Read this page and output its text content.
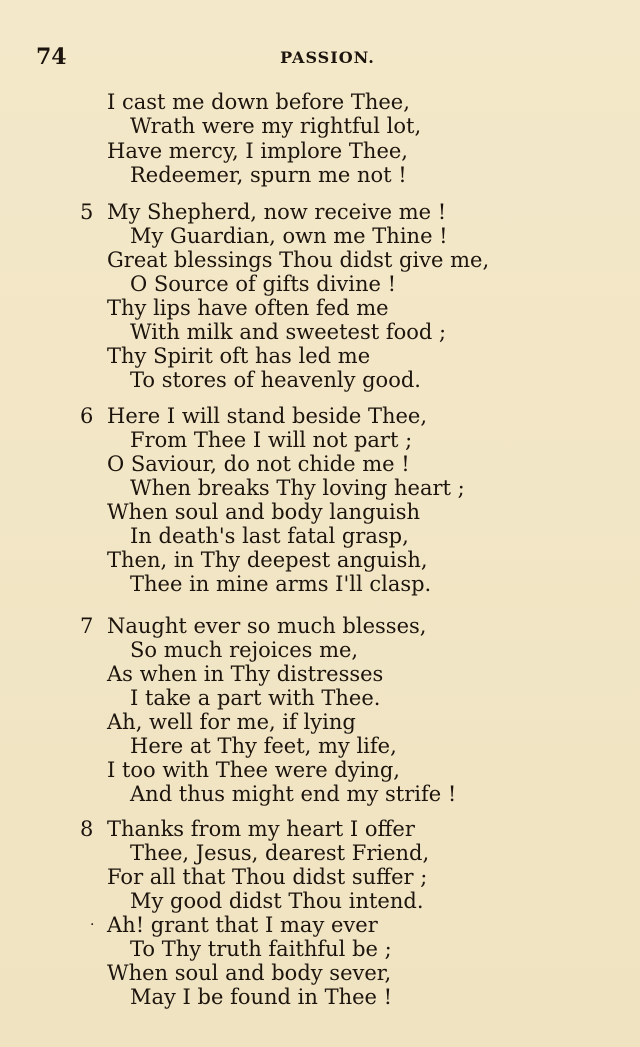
74	PASSION.
I cast me down before Thee,
Wrath were my rightful lot,
Have mercy, I implore Thee,
Redeemer, spurn me not !
5 My Shepherd, now receive me !
My Guardian, own me Thine !
Great blessings Thou didst give me,
O Source of gifts divine !
Thy lips have often fed me
With milk and sweetest food ;
Thy Spirit oft has led me
To stores of heavenly good.
6 Here I will stand beside Thee,
From Thee I will not part ;
O Saviour, do not chide me !
When breaks Thy loving heart ;
When soul and body languish
In death's last fatal grasp,
Then, in Thy deepest anguish,
Thee in mine arms I'll clasp.
7 Naught ever so much blesses,
So much rejoices me,
As when in Thy distresses
I take a part with Thee.
Ah, well for me, if lying
Here at Thy feet, my life,
I too with Thee were dying,
And thus might end my strife !
8 Thanks from my heart I offer
Thee, Jesus, dearest Friend,
For all that Thou didst suffer ;
My good didst Thou intend.
· Ah! grant that I may ever
To Thy truth faithful be ;
When soul and body sever,
May I be found in Thee !
